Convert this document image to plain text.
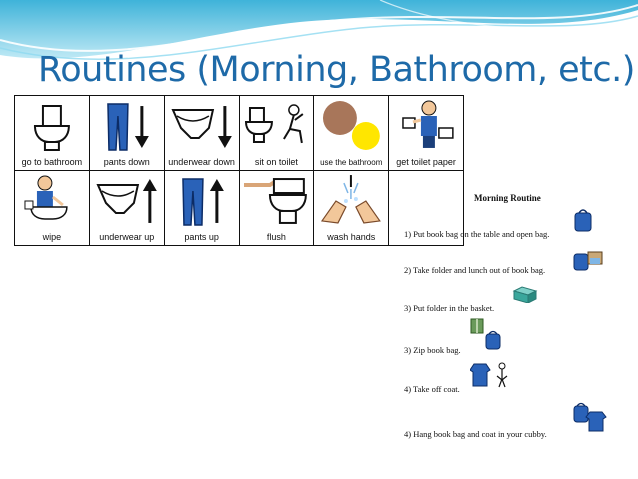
Routines (Morning, Bathroom, etc.)
go to bathroom	pants down	underwear down	sit on toilet	use the bathroom	get toilet paper
wipe	underwear up	pants up	flush	wash hands
Morning Routine
1) Put book bag on the table and open bag.
2) Take folder and lunch out of book bag.
3) Put folder in the basket.
3) Zip book bag.
4) Take off coat.
4) Hang book bag and coat in your cubby.
